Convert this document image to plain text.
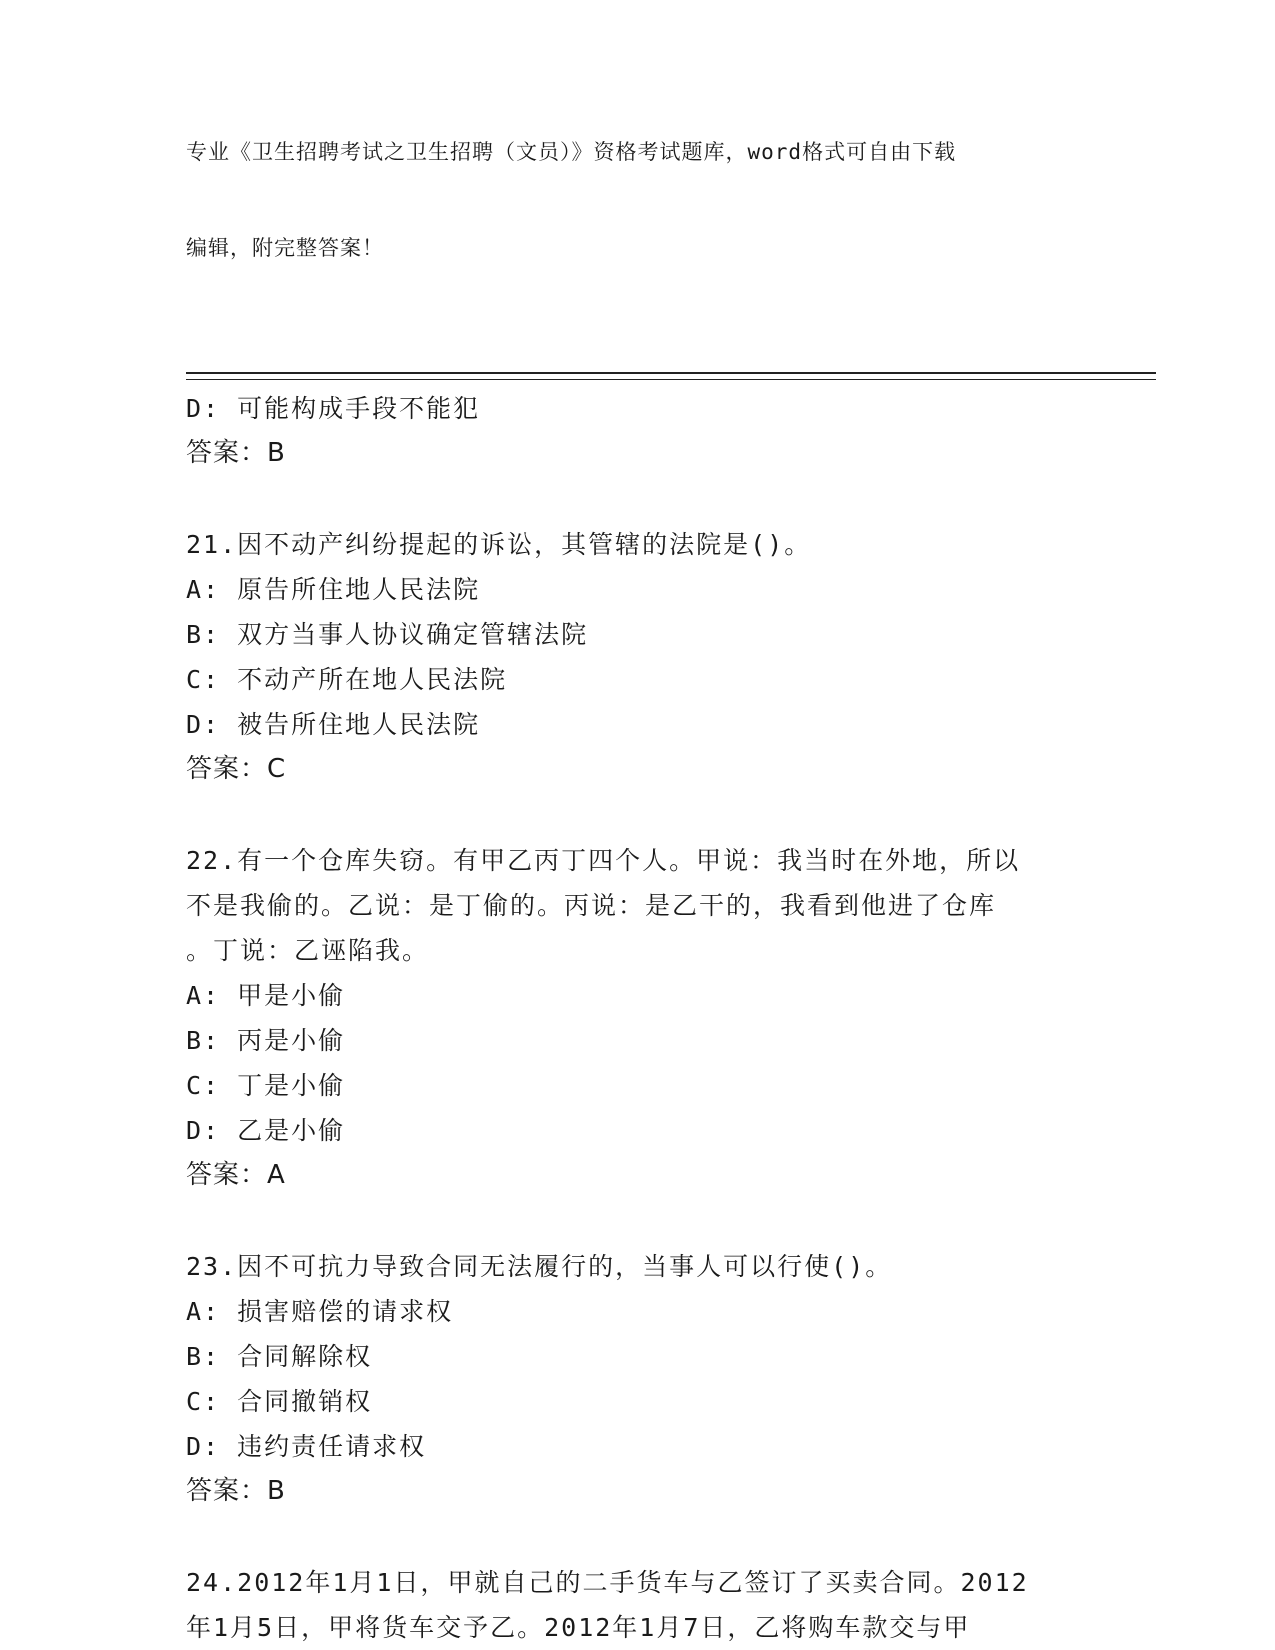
专业《卫生招聘考试之卫生招聘（文员）》资格考试题库，word格式可自由下载

编辑，附完整答案！

D: 可能构成手段不能犯
答案：B
21.因不动产纠纷提起的诉讼，其管辖的法院是()。
A: 原告所住地人民法院
B: 双方当事人协议确定管辖法院
C: 不动产所在地人民法院
D: 被告所住地人民法院
答案：C
22.有一个仓库失窃。有甲乙丙丁四个人。甲说：我当时在外地，所以
不是我偷的。乙说：是丁偷的。丙说：是乙干的，我看到他进了仓库
。丁说：乙诬陷我。
A: 甲是小偷
B: 丙是小偷
C: 丁是小偷
D: 乙是小偷
答案：A
23.因不可抗力导致合同无法履行的，当事人可以行使()。
A: 损害赔偿的请求权
B: 合同解除权
C: 合同撤销权
D: 违约责任请求权
答案：B
24.2012年1月1日，甲就自己的二手货车与乙签订了买卖合同。2012
年1月5日，甲将货车交予乙。2012年1月7日，乙将购车款交与甲
